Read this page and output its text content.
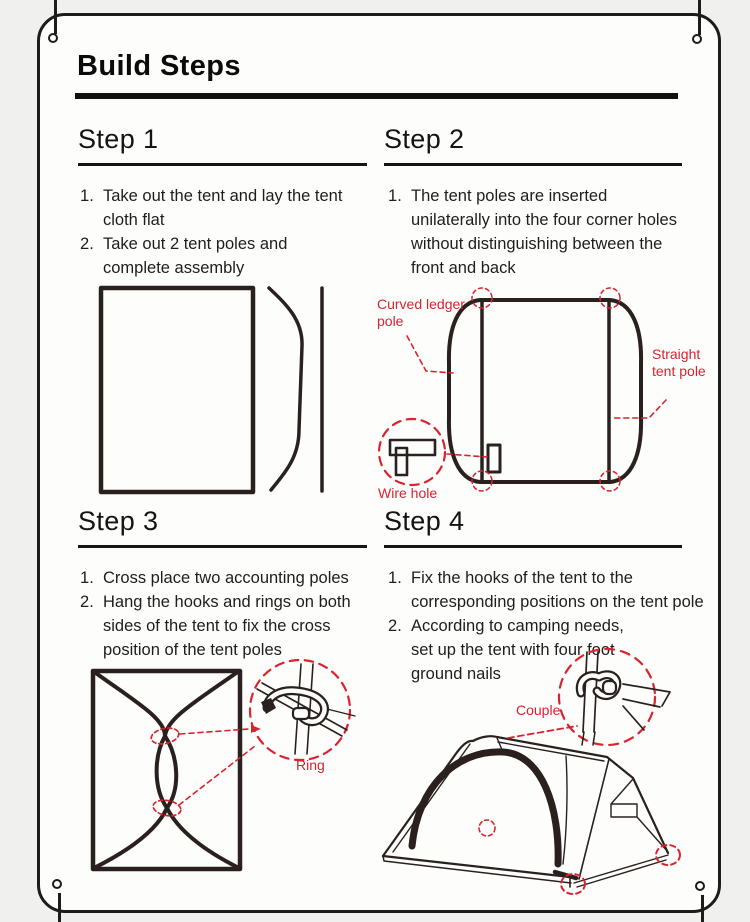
Build Steps
Step 1	Step 2
Step 3	Step 4
Take out the tent and lay the tent cloth flat
Take out 2 tent poles and complete assembly
The tent poles are inserted unilaterally into the four corner holes without distinguishing between the front and back
Cross place two accounting poles
Hang the hooks and rings on both sides of the tent to fix the cross position of the tent poles
Fix the hooks of the tent to the corresponding positions on the tent pole
According to camping needs, set up the tent with four foot ground nails
Curved ledger pole
Straight tent pole
Wire hole
Ring
Couple
